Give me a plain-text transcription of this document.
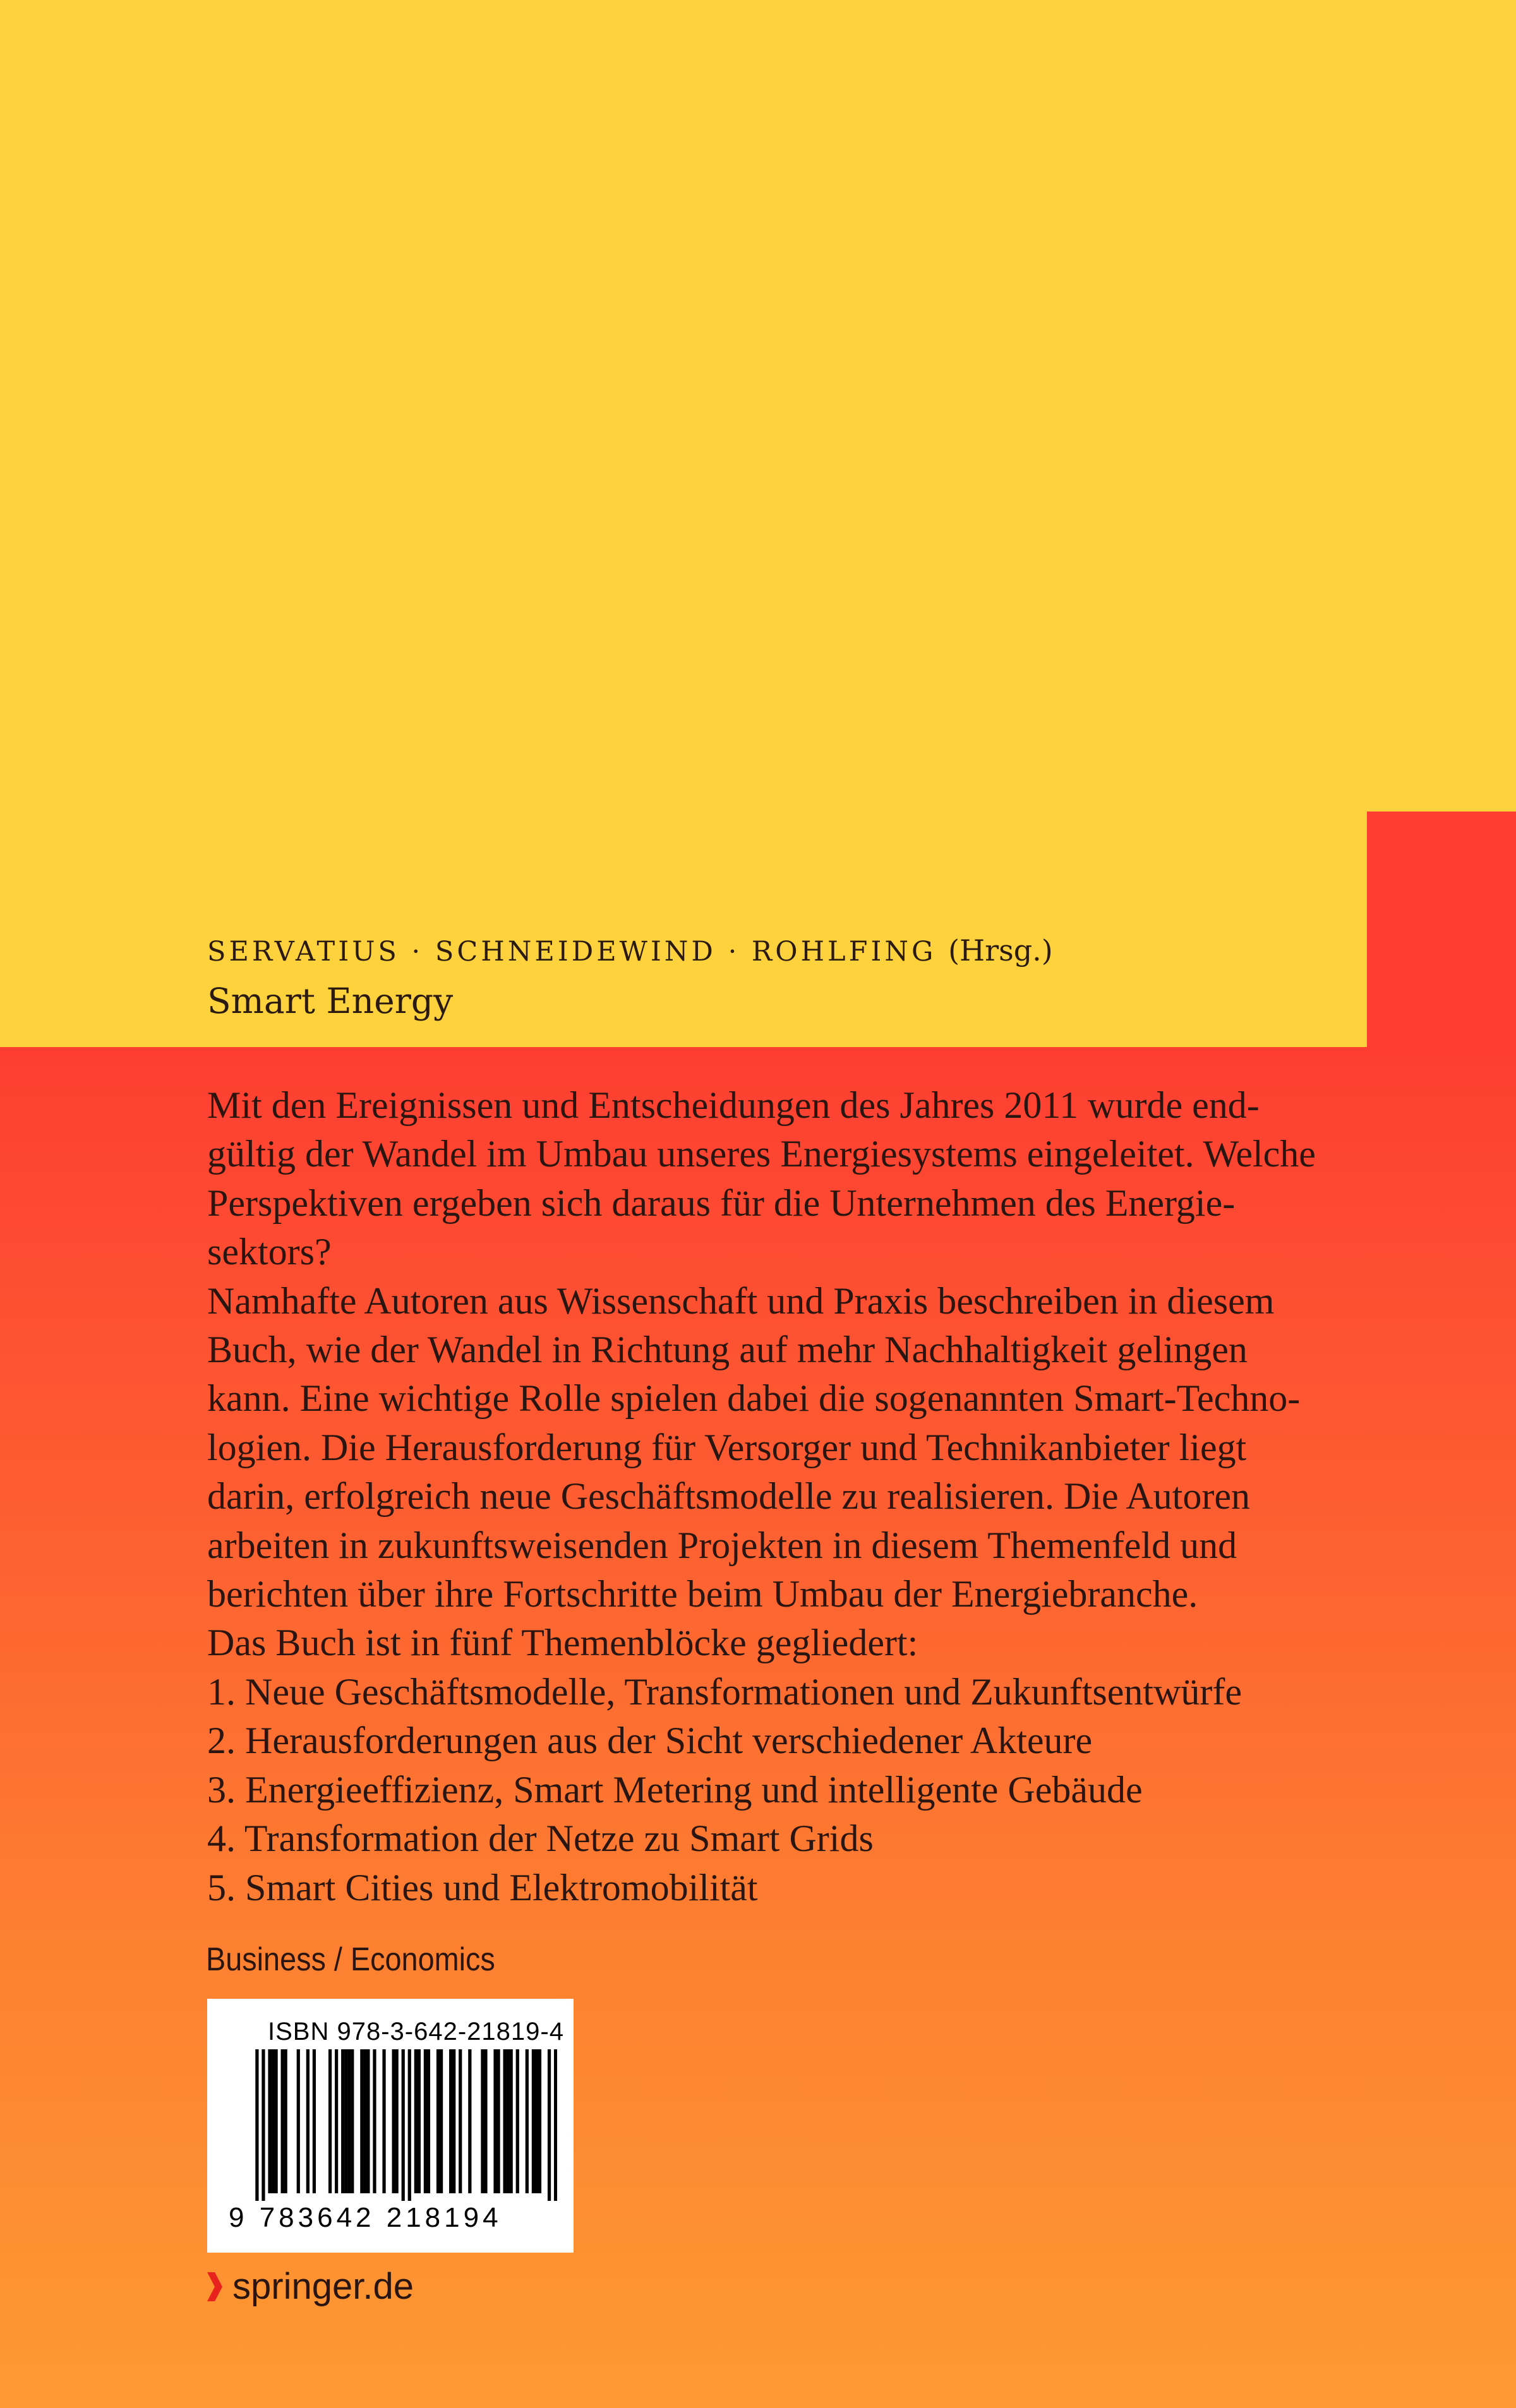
SERVATIUS · SCHNEIDEWIND · ROHLFING (Hrsg.)
Smart Energy
Mit den Ereignissen und Entscheidungen des Jahres 2011 wurde end-
gültig der Wandel im Umbau unseres Energiesystems eingeleitet. Welche
Perspektiven ergeben sich daraus für die Unternehmen des Energie-
sektors?
Namhafte Autoren aus Wissenschaft und Praxis beschreiben in diesem
Buch, wie der Wandel in Richtung auf mehr Nachhaltigkeit gelingen
kann. Eine wichtige Rolle spielen dabei die sogenannten Smart-Techno-
logien. Die Herausforderung für Versorger und Technikanbieter liegt
darin, erfolgreich neue Geschäftsmodelle zu realisieren. Die Autoren
arbeiten in zukunftsweisenden Projekten in diesem Themenfeld und
berichten über ihre Fortschritte beim Umbau der Energiebranche.
Das Buch ist in fünf Themenblöcke gegliedert:
1. Neue Geschäftsmodelle, Transformationen und Zukunftsentwürfe
2. Herausforderungen aus der Sicht verschiedener Akteure
3. Energieeffizienz, Smart Metering und intelligente Gebäude
4. Transformation der Netze zu Smart Grids
5. Smart Cities und Elektromobilität
Business / Economics
ISBN 978-3-642-21819-4
9 783642 218194
springer.de
